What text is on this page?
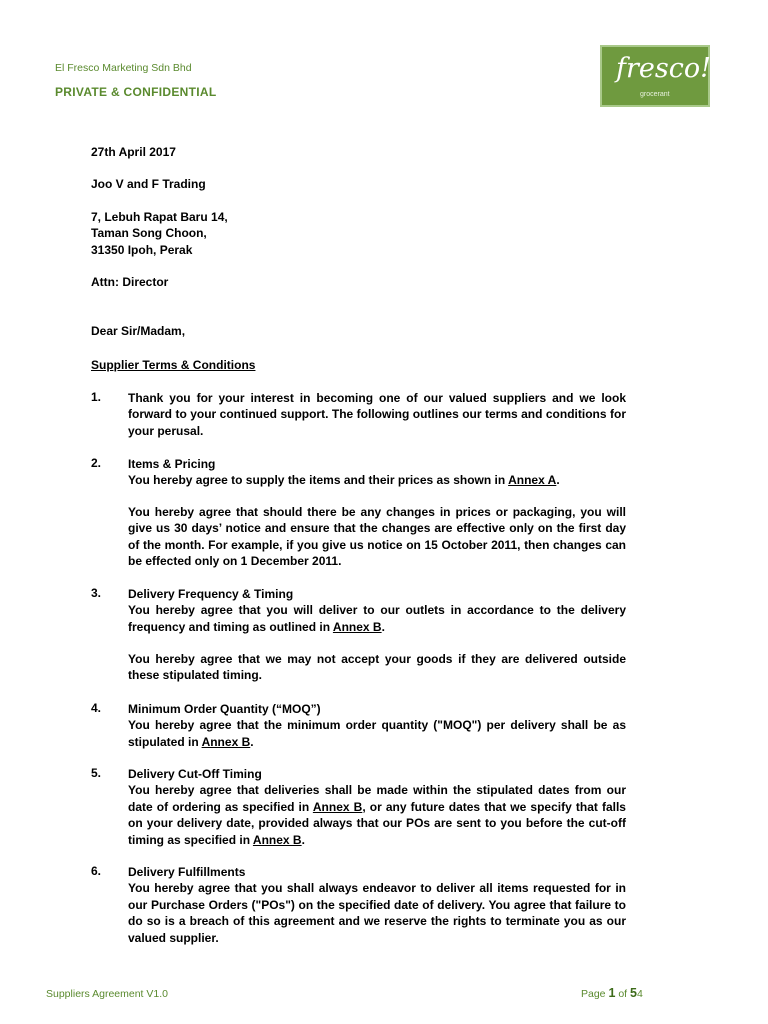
El Fresco Marketing Sdn Bhd
PRIVATE & CONFIDENTIAL
fresco!
grocerant

27th April 2017

Joo V and F Trading

7, Lebuh Rapat Baru 14,
Taman Song Choon,
31350 Ipoh, Perak

Attn: Director

Dear Sir/Madam,

Supplier Terms & Conditions

1. Thank you for your interest in becoming one of our valued suppliers and we look forward to your continued support. The following outlines our terms and conditions for your perusal.

2. Items & Pricing
You hereby agree to supply the items and their prices as shown in Annex A.

You hereby agree that should there be any changes in prices or packaging, you will give us 30 days’ notice and ensure that the changes are effective only on the first day of the month. For example, if you give us notice on 15 October 2011, then changes can be effected only on 1 December 2011.

3. Delivery Frequency & Timing
You hereby agree that you will deliver to our outlets in accordance to the delivery frequency and timing as outlined in Annex B.

You hereby agree that we may not accept your goods if they are delivered outside these stipulated timing.

4. Minimum Order Quantity (“MOQ”)
You hereby agree that the minimum order quantity ("MOQ") per delivery shall be as stipulated in Annex B.
5. Delivery Cut-Off Timing
You hereby agree that deliveries shall be made within the stipulated dates from our date of ordering as specified in Annex B, or any future dates that we specify that falls on your delivery date, provided always that our POs are sent to you before the cut-off timing as specified in Annex B.
6. Delivery Fulfillments
You hereby agree that you shall always endeavor to deliver all items requested for in our Purchase Orders ("POs") on the specified date of delivery. You agree that failure to do so is a breach of this agreement and we reserve the rights to terminate you as our valued supplier.
Suppliers Agreement V1.0	Page 1 of 54
